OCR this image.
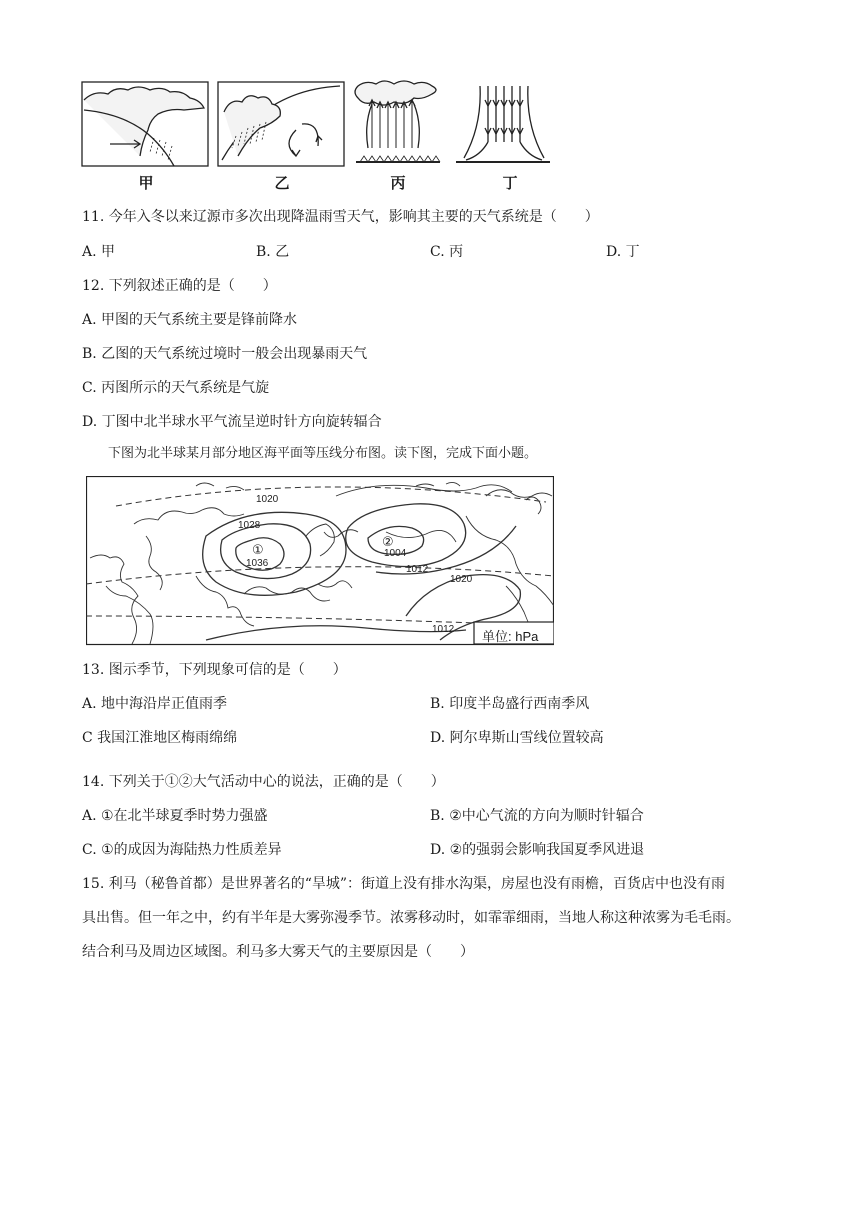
甲	乙	丙	丁
11. 今年入冬以来辽源市多次出现降温雨雪天气，影响其主要的天气系统是（　　）
A. 甲	B. 乙	C. 丙	D. 丁
12. 下列叙述正确的是（　　）
A. 甲图的天气系统主要是锋前降水
B. 乙图的天气系统过境时一般会出现暴雨天气
C. 丙图所示的天气系统是气旋
D. 丁图中北半球水平气流呈逆时针方向旋转辐合
下图为北半球某月部分地区海平面等压线分布图。读下图，完成下面小题。
1020
1028
1036
1004
1012
1020
1012
①
②
单位: hPa
13. 图示季节，下列现象可信的是（　　）
A. 地中海沿岸正值雨季	B. 印度半岛盛行西南季风
C 我国江淮地区梅雨绵绵	D. 阿尔卑斯山雪线位置较高
14. 下列关于①②大气活动中心的说法，正确的是（　　）
A. ①在北半球夏季时势力强盛	B. ②中心气流的方向为顺时针辐合
C. ①的成因为海陆热力性质差异	D. ②的强弱会影响我国夏季风进退
15. 利马（秘鲁首都）是世界著名的“旱城”：街道上没有排水沟渠，房屋也没有雨檐，百货店中也没有雨
具出售。但一年之中，约有半年是大雾弥漫季节。浓雾移动时，如霏霏细雨，当地人称这种浓雾为毛毛雨。
结合利马及周边区域图。利马多大雾天气的主要原因是（　　）
